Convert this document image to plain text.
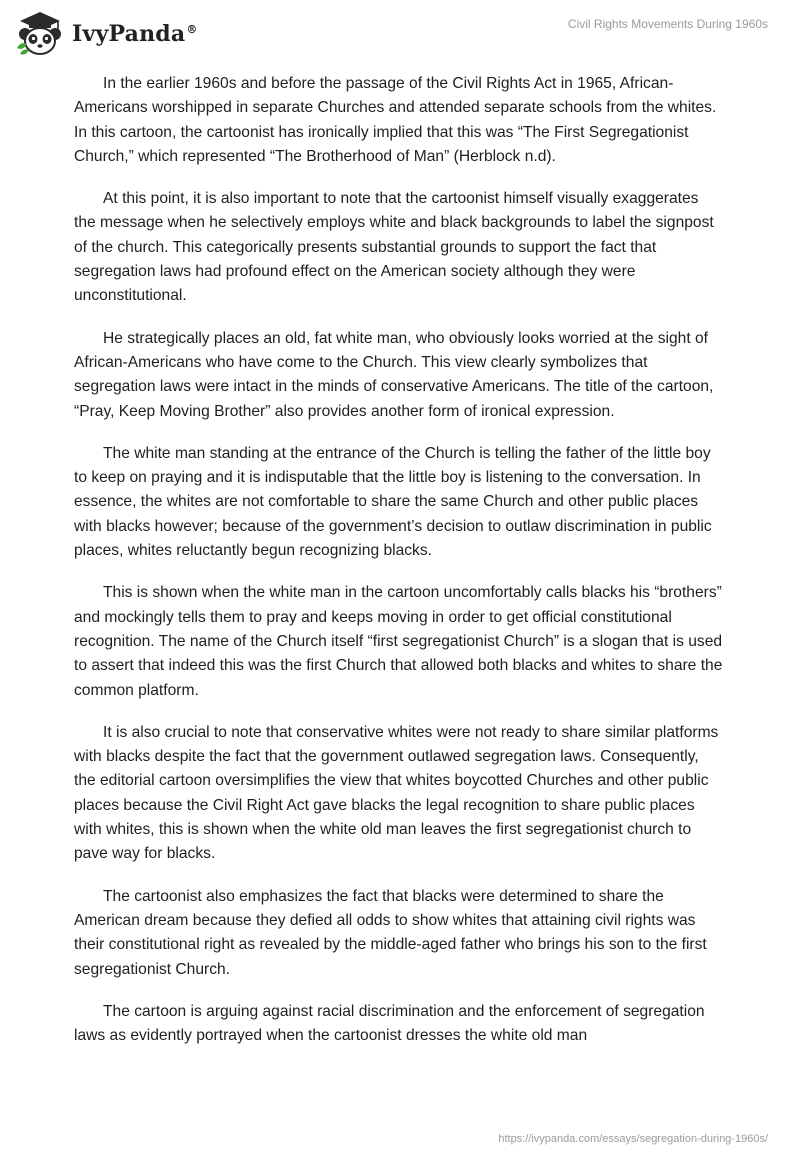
IvyPanda®	Civil Rights Movements During 1960s

In the earlier 1960s and before the passage of the Civil Rights Act in 1965, African-Americans worshipped in separate Churches and attended separate schools from the whites. In this cartoon, the cartoonist has ironically implied that this was “The First Segregationist Church,” which represented “The Brotherhood of Man” (Herblock n.d).

At this point, it is also important to note that the cartoonist himself visually exaggerates the message when he selectively employs white and black backgrounds to label the signpost of the church. This categorically presents substantial grounds to support the fact that segregation laws had profound effect on the American society although they were unconstitutional.

He strategically places an old, fat white man, who obviously looks worried at the sight of African-Americans who have come to the Church. This view clearly symbolizes that segregation laws were intact in the minds of conservative Americans. The title of the cartoon, “Pray, Keep Moving Brother” also provides another form of ironical expression.

The white man standing at the entrance of the Church is telling the father of the little boy to keep on praying and it is indisputable that the little boy is listening to the conversation. In essence, the whites are not comfortable to share the same Church and other public places with blacks however; because of the government’s decision to outlaw discrimination in public places, whites reluctantly begun recognizing blacks.

This is shown when the white man in the cartoon uncomfortably calls blacks his “brothers” and mockingly tells them to pray and keeps moving in order to get official constitutional recognition. The name of the Church itself “first segregationist Church” is a slogan that is used to assert that indeed this was the first Church that allowed both blacks and whites to share the common platform.

It is also crucial to note that conservative whites were not ready to share similar platforms with blacks despite the fact that the government outlawed segregation laws. Consequently, the editorial cartoon oversimplifies the view that whites boycotted Churches and other public places because the Civil Right Act gave blacks the legal recognition to share public places with whites, this is shown when the white old man leaves the first segregationist church to pave way for blacks.

The cartoonist also emphasizes the fact that blacks were determined to share the American dream because they defied all odds to show whites that attaining civil rights was their constitutional right as revealed by the middle-aged father who brings his son to the first segregationist Church.

The cartoon is arguing against racial discrimination and the enforcement of segregation laws as evidently portrayed when the cartoonist dresses the white old man

https://ivypanda.com/essays/segregation-during-1960s/
